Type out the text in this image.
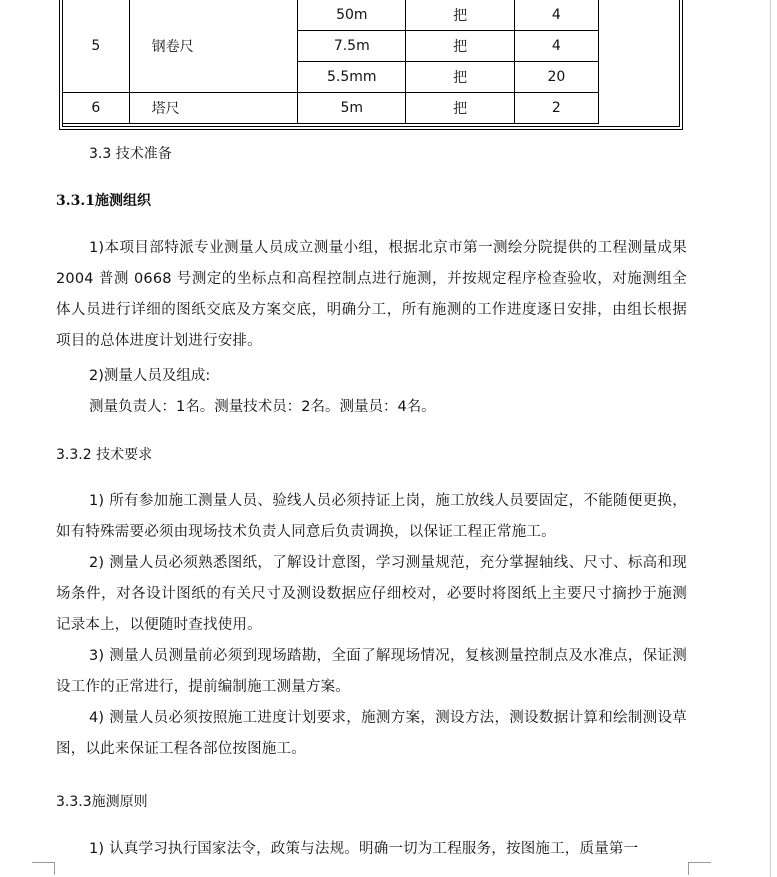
5	钢卷尺	50m	把	4
		7.5m	把	4
		5.5mm	把	20
6	塔尺	5m	把	2

3.3 技术准备

3.3.1施测组织

1)本项目部特派专业测量人员成立测量小组，根据北京市第一测绘分院提供的工程测量成果 2004 普测 0668 号测定的坐标点和高程控制点进行施测，并按规定程序检查验收，对施测组全体人员进行详细的图纸交底及方案交底，明确分工，所有施测的工作进度逐日安排，由组长根据项目的总体进度计划进行安排。

2)测量人员及组成:

测量负责人：1名。测量技术员：2名。测量员：4名。

3.3.2 技术要求

1) 所有参加施工测量人员、验线人员必须持证上岗，施工放线人员要固定，不能随便更换，如有特殊需要必须由现场技术负责人同意后负责调换，以保证工程正常施工。

2) 测量人员必须熟悉图纸，了解设计意图，学习测量规范，充分掌握轴线、尺寸、标高和现场条件，对各设计图纸的有关尺寸及测设数据应仔细校对，必要时将图纸上主要尺寸摘抄于施测记录本上，以便随时查找使用。

3) 测量人员测量前必须到现场踏勘，全面了解现场情况，复核测量控制点及水准点，保证测设工作的正常进行，提前编制施工测量方案。

4) 测量人员必须按照施工进度计划要求，施测方案，测设方法，测设数据计算和绘制测设草图，以此来保证工程各部位按图施工。

3.3.3施测原则

1) 认真学习执行国家法令，政策与法规。明确一切为工程服务，按图施工，质量第一
